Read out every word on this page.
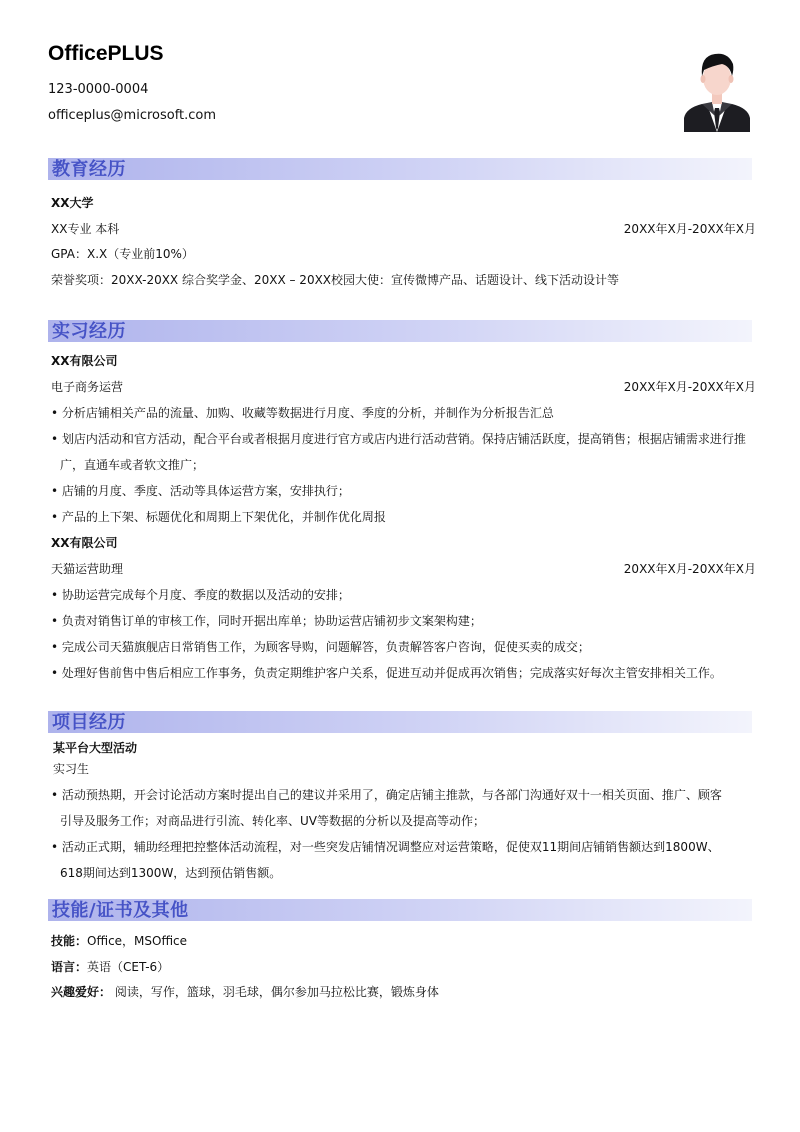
OfficePLUS
123-0000-0004
officeplus@microsoft.com
教育经历
XX大学
XX专业 本科	20XX年X月-20XX年X月
GPA：X.X（专业前10%）
荣誉奖项：20XX-20XX 综合奖学金、20XX – 20XX校园大使：宣传微博产品、话题设计、线下活动设计等
实习经历
XX有限公司
电子商务运营	20XX年X月-20XX年X月
• 分析店铺相关产品的流量、加购、收藏等数据进行月度、季度的分析，并制作为分析报告汇总
• 划店内活动和官方活动，配合平台或者根据月度进行官方或店内进行活动营销。保持店铺活跃度，提高销售；根据店铺需求进行推
广，直通车或者软文推广；
• 店铺的月度、季度、活动等具体运营方案，安排执行；
• 产品的上下架、标题优化和周期上下架优化，并制作优化周报
XX有限公司
天猫运营助理	20XX年X月-20XX年X月
• 协助运营完成每个月度、季度的数据以及活动的安排；
• 负责对销售订单的审核工作，同时开据出库单；协助运营店铺初步文案架构建；
• 完成公司天猫旗舰店日常销售工作，为顾客导购，问题解答，负责解答客户咨询，促使买卖的成交；
• 处理好售前售中售后相应工作事务，负责定期维护客户关系，促进互动并促成再次销售；完成落实好每次主管安排相关工作。
项目经历
某平台大型活动
实习生
• 活动预热期，开会讨论活动方案时提出自己的建议并采用了，确定店铺主推款，与各部门沟通好双十一相关页面、推广、顾客
引导及服务工作；对商品进行引流、转化率、UV等数据的分析以及提高等动作；
• 活动正式期，辅助经理把控整体活动流程，对一些突发店铺情况调整应对运营策略，促使双11期间店铺销售额达到1800W、
618期间达到1300W，达到预估销售额。
技能/证书及其他
技能：Office，MSOffice
语言：英语（CET-6）
兴趣爱好： 阅读，写作，篮球，羽毛球，偶尔参加马拉松比赛，锻炼身体
